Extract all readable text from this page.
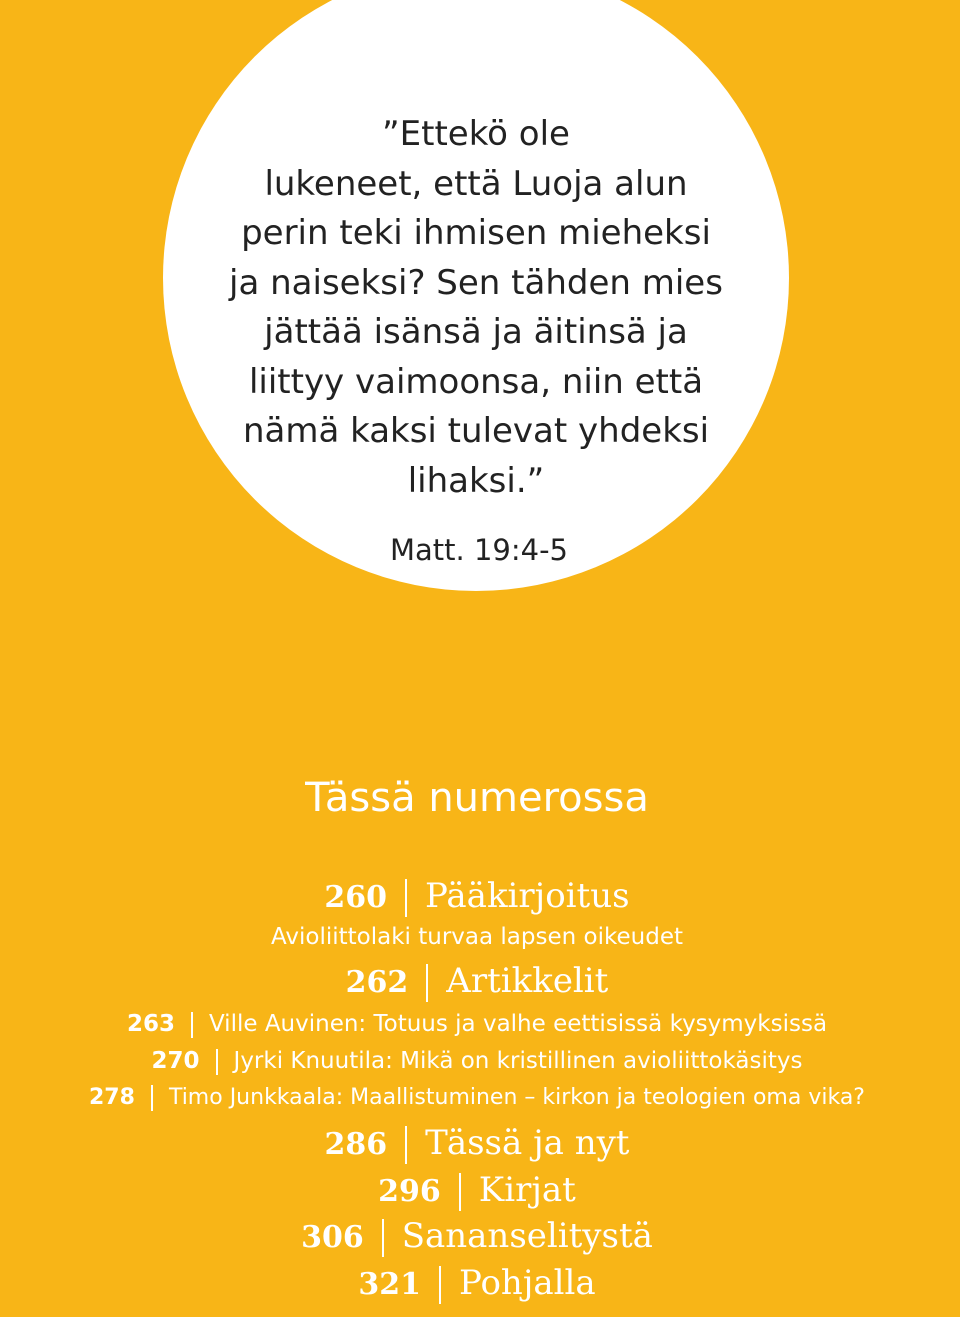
”Ettekö ole
lukeneet, että Luoja alun
perin teki ihmisen mieheksi
ja naiseksi? Sen tähden mies
jättää isänsä ja äitinsä ja
liittyy vaimoonsa, niin että
nämä kaksi tulevat yhdeksi
lihaksi.”
Matt. 19:4-5
Tässä numerossa
260 Pääkirjoitus
Avioliittolaki turvaa lapsen oikeudet
262 Artikkelit
263 Ville Auvinen: Totuus ja valhe eettisissä kysymyksissä
270 Jyrki Knuutila: Mikä on kristillinen avioliittokäsitys
278 Timo Junkkaala: Maallistuminen – kirkon ja teologien oma vika?
286 Tässä ja nyt
296 Kirjat
306 Sananselitystä
321 Pohjalla
